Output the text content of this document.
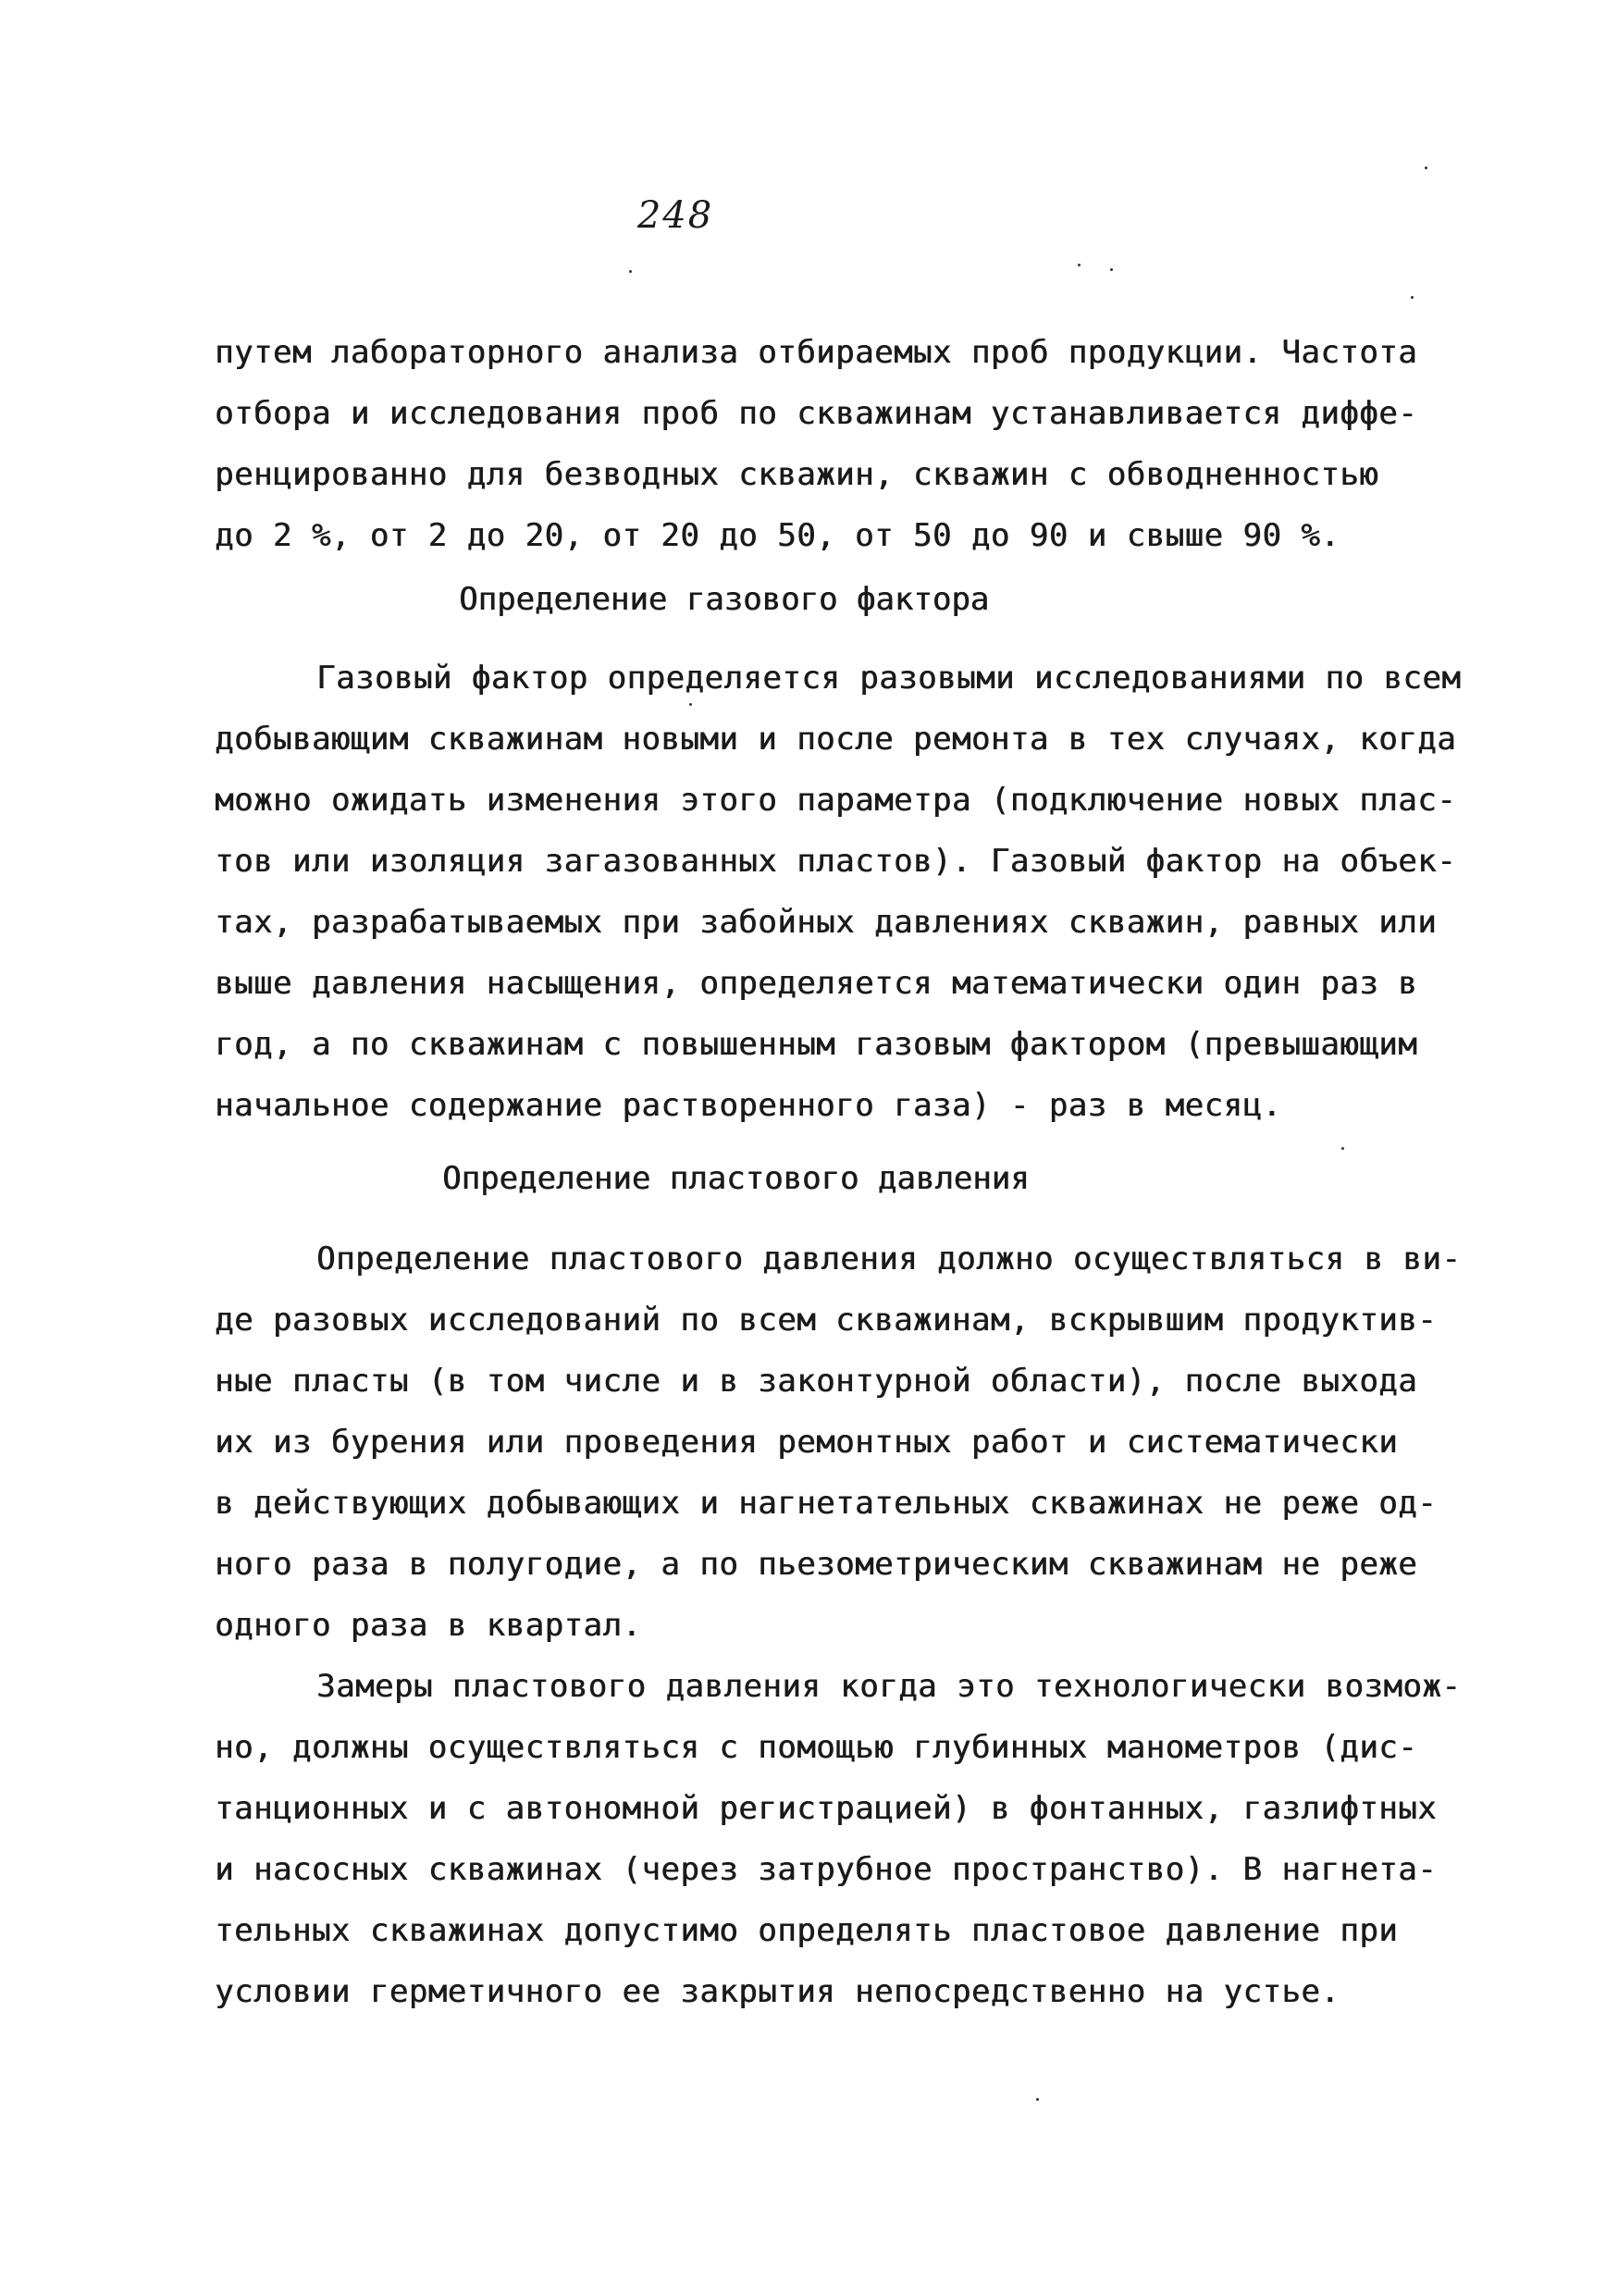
248
путем лабораторного анализа отбираемых проб продукции. Частота
отбора и исследования проб по скважинам устанавливается диффе-
ренцированно для безводных скважин, скважин с обводненностью
до 2 %, от 2 до 20, от 20 до 50, от 50 до 90 и свыше 90 %.
Определение газового фактора
Газовый фактор определяется разовыми исследованиями по всем
добывающим скважинам новыми и после ремонта в тех случаях, когда
можно ожидать изменения этого параметра (подключение новых плас-
тов или изоляция загазованных пластов). Газовый фактор на объек-
тах, разрабатываемых при забойных давлениях скважин, равных или
выше давления насыщения, определяется математически один раз в
год, а по скважинам с повышенным газовым фактором (превышающим
начальное содержание растворенного газа) - раз в месяц.
Определение пластового давления
Определение пластового давления должно осуществляться в ви-
де разовых исследований по всем скважинам, вскрывшим продуктив-
ные пласты (в том числе и в законтурной области), после выхода
их из бурения или проведения ремонтных работ и систематически
в действующих добывающих и нагнетательных скважинах не реже од-
ного раза в полугодие, а по пьезометрическим скважинам не реже
одного раза в квартал.
Замеры пластового давления когда это технологически возмож-
но, должны осуществляться с помощью глубинных манометров (дис-
танционных и с автономной регистрацией) в фонтанных, газлифтных
и насосных скважинах (через затрубное пространство). В нагнета-
тельных скважинах допустимо определять пластовое давление при
условии герметичного ее закрытия непосредственно на устье.
